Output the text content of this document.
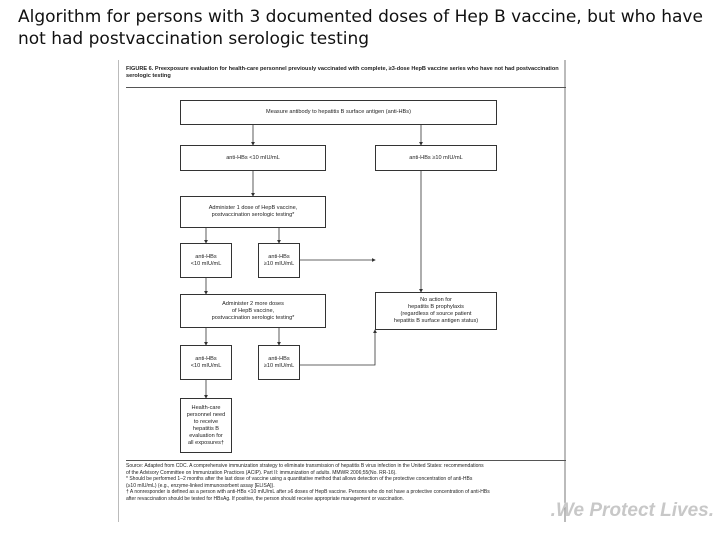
Algorithm for persons with 3 documented doses of Hep B vaccine, but who have not had postvaccination serologic testing
FIGURE 6. Preexposure evaluation for health-care personnel previously vaccinated with complete, ≥3-dose HepB vaccine series who have not had postvaccination serologic testing
Measure antibody to hepatitis B surface antigen (anti-HBs)
anti-HBs <10 mIU/mL	anti-HBs ≥10 mIU/mL
Administer 1 dose of HepB vaccine,
postvaccination serologic testing*
anti-HBs
<10 mIU/mL
anti-HBs
≥10 mIU/mL
Administer 2 more doses
of HepB vaccine,
postvaccination serologic testing*
No action for
hepatitis B prophylaxis
(regardless of source patient
hepatitis B surface antigen status)
anti-HBs
<10 mIU/mL
anti-HBs
≥10 mIU/mL
Health-care
personnel need
to receive
hepatitis B
evaluation for
all exposures†
Source: Adapted from CDC. A comprehensive immunization strategy to eliminate transmission of hepatitis B virus infection in the United States: recommendations
of the Advisory Committee on Immunization Practices (ACIP). Part II: immunization of adults. MMWR 2006;55(No. RR-16).
* Should be performed 1–2 months after the last dose of vaccine using a quantitative method that allows detection of the protective concentration of anti-HBs
(≥10 mIU/mL) (e.g., enzyme-linked immunosorbent assay [ELISA]).
† A nonresponder is defined as a person with anti-HBs <10 mIU/mL after ≥6 doses of HepB vaccine. Persons who do not have a protective concentration of anti-HBs
after revaccination should be tested for HBsAg. If positive, the person should receive appropriate management or vaccination.
.We Protect Lives.
